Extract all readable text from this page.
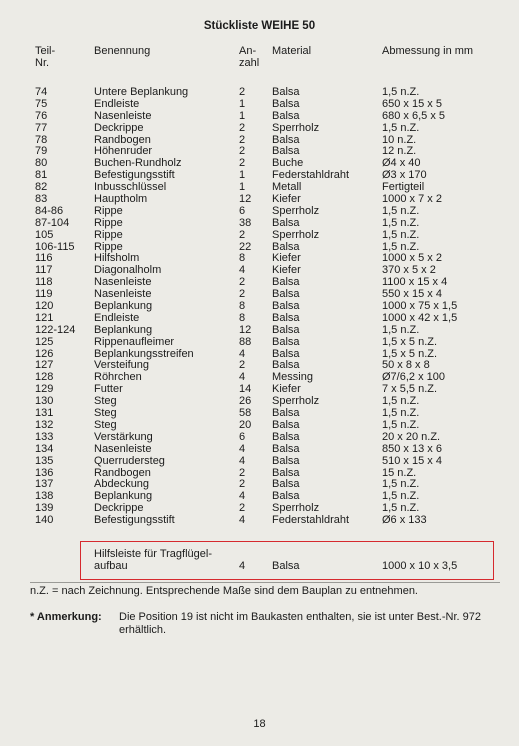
Stückliste WEIHE 50
Teil-
Nr.
Benennung	An-
zahl
Material	Abmessung in mm
74	Untere Beplankung	2 Balsa	1,5 n.Z.
75	Endleiste	1 Balsa	650 x 15 x 5
76	Nasenleiste	1 Balsa	680 x 6,5 x 5
77	Deckrippe	2 Sperrholz	1,5 n.Z.
78	Randbogen	2 Balsa	10 n.Z.
79	Höhenruder	2 Balsa	12 n.Z.
80	Buchen-Rundholz	2 Buche	Ø4 x 40
81	Befestigungsstift	1 Federstahldraht	Ø3 x 170
82	Inbusschlüssel	1 Metall	Fertigteil
83	Hauptholm	12 Kiefer	1000 x 7 x 2
84-86	Rippe	6 Sperrholz	1,5 n.Z.
87-104 Rippe	38 Balsa	1,5 n.Z.
105	Rippe	2 Sperrholz	1,5 n.Z.
106-115 Rippe	22 Balsa	1,5 n.Z.
116	Hilfsholm	8 Kiefer	1000 x 5 x 2
117	Diagonalholm	4 Kiefer	370 x 5 x 2
118	Nasenleiste	2 Balsa	1100 x 15 x 4
119	Nasenleiste	2 Balsa	550 x 15 x 4
120	Beplankung	8 Balsa	1000 x 75 x 1,5
121	Endleiste	8 Balsa	1000 x 42 x 1,5
122-124 Beplankung	12 Balsa	1,5 n.Z.
125	Rippenaufleimer	88 Balsa	1,5 x 5 n.Z.
126	Beplankungsstreifen	4 Balsa	1,5 x 5 n.Z.
127	Versteifung	2 Balsa	50 x 8 x 8
128	Röhrchen	4 Messing	Ø7/6,2 x 100
129	Futter	14 Kiefer	7 x 5,5 n.Z.
130	Steg	26 Sperrholz	1,5 n.Z.
131	Steg	58 Balsa	1,5 n.Z.
132	Steg	20 Balsa	1,5 n.Z.
133	Verstärkung	6 Balsa	20 x 20 n.Z.
134	Nasenleiste	4 Balsa	850 x 13 x 6
135	Querrudersteg	4 Balsa	510 x 15 x 4
136	Randbogen	2 Balsa	15 n.Z.
137	Abdeckung	2 Balsa	1,5 n.Z.
138	Beplankung	4 Balsa	1,5 n.Z.
139	Deckrippe	2 Sperrholz	1,5 n.Z.
140	Befestigungsstift	4 Federstahldraht	Ø6 x 133
Hilfsleiste für Tragflügel-
aufbau	4 Balsa	1000 x 10 x 3,5
n.Z. = nach Zeichnung. Entsprechende Maße sind dem Bauplan zu entnehmen.
* Anmerkung: Die Position 19 ist nicht im Baukasten enthalten, sie ist unter Best.-Nr. 972 erhältlich.
18
